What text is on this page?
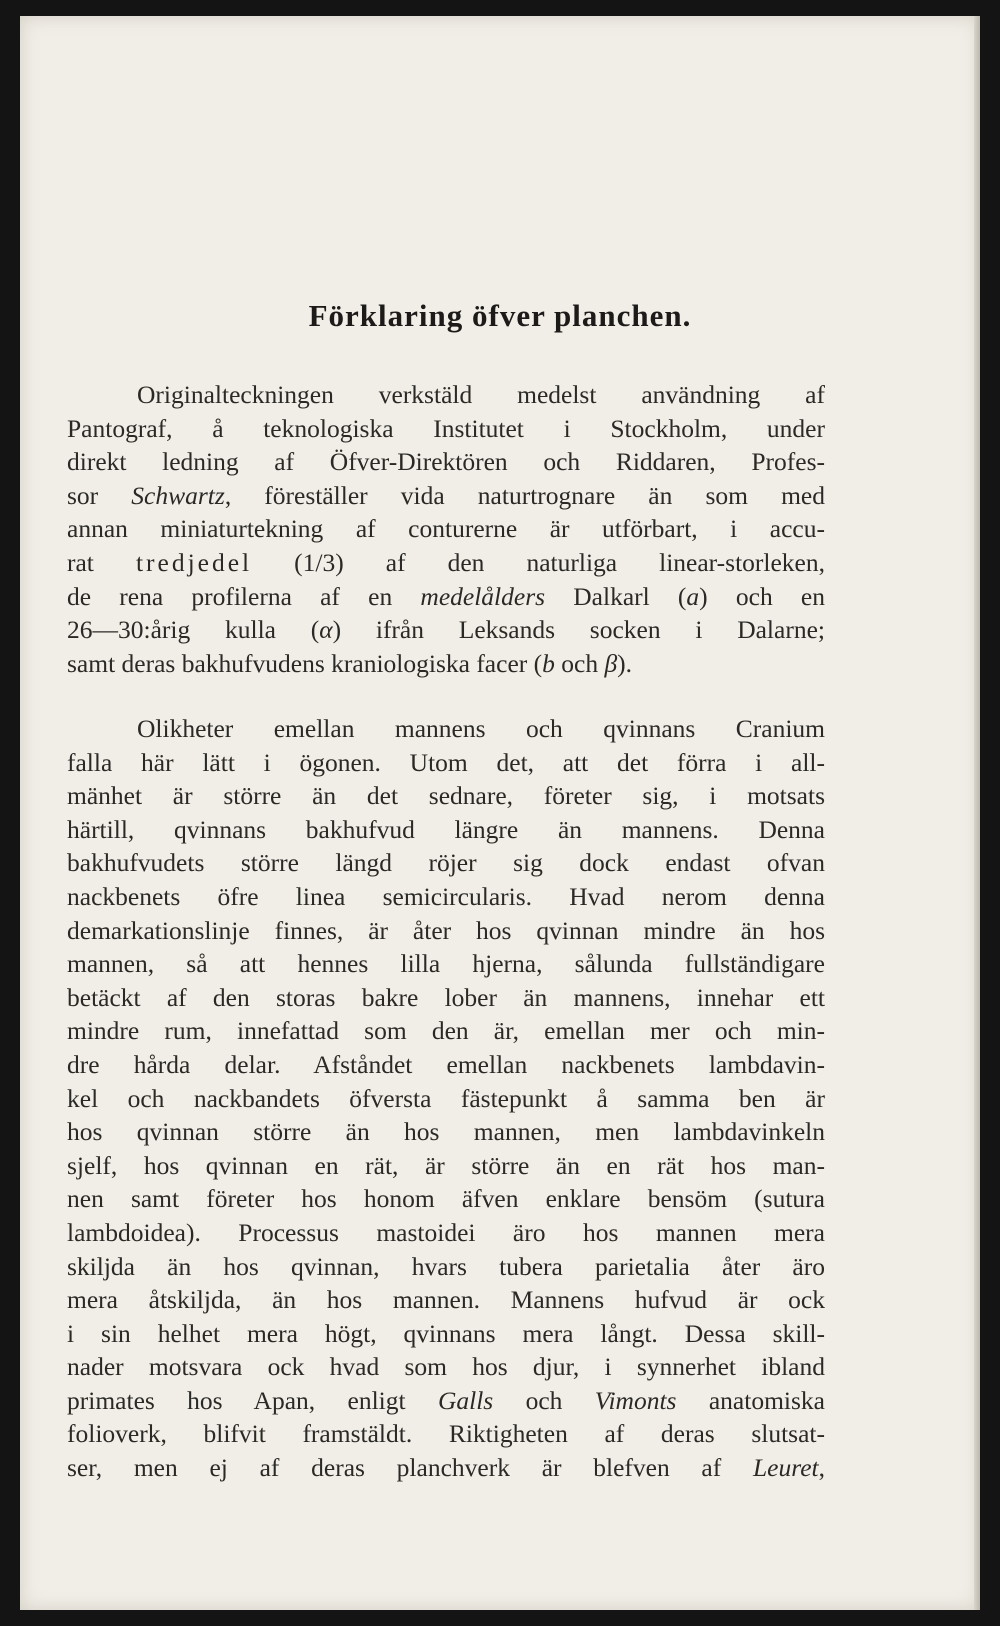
Förklaring öfver planchen.
Originalteckningen verkstäld medelst användning af
Pantograf, å teknologiska Institutet i Stockholm, under
direkt ledning af Öfver-Direktören och Riddaren, Profes-
sor Schwartz, föreställer vida naturtrognare än som med
annan miniaturtekning af conturerne är utförbart, i accu-
rat tredjedel (1/3) af den naturliga linear-storleken,
de rena profilerna af en medelålders Dalkarl (a) och en
26—30:årig kulla (α) ifrån Leksands socken i Dalarne;
samt deras bakhufvudens kraniologiska facer (b och β).
Olikheter emellan mannens och qvinnans Cranium
falla här lätt i ögonen. Utom det, att det förra i all-
mänhet är större än det sednare, företer sig, i motsats
härtill, qvinnans bakhufvud längre än mannens. Denna
bakhufvudets större längd röjer sig dock endast ofvan
nackbenets öfre linea semicircularis. Hvad nerom denna
demarkationslinje finnes, är åter hos qvinnan mindre än hos
mannen, så att hennes lilla hjerna, sålunda fullständigare
betäckt af den storas bakre lober än mannens, innehar ett
mindre rum, innefattad som den är, emellan mer och min-
dre hårda delar. Afståndet emellan nackbenets lambdavin-
kel och nackbandets öfversta fästepunkt å samma ben är
hos qvinnan större än hos mannen, men lambdavinkeln
sjelf, hos qvinnan en rät, är större än en rät hos man-
nen samt företer hos honom äfven enklare bensöm (sutura
lambdoidea). Processus mastoidei äro hos mannen mera
skiljda än hos qvinnan, hvars tubera parietalia åter äro
mera åtskiljda, än hos mannen. Mannens hufvud är ock
i sin helhet mera högt, qvinnans mera långt. Dessa skill-
nader motsvara ock hvad som hos djur, i synnerhet ibland
primates hos Apan, enligt Galls och Vimonts anatomiska
folioverk, blifvit framstäldt. Riktigheten af deras slutsat-
ser, men ej af deras planchverk är blefven af Leuret,
